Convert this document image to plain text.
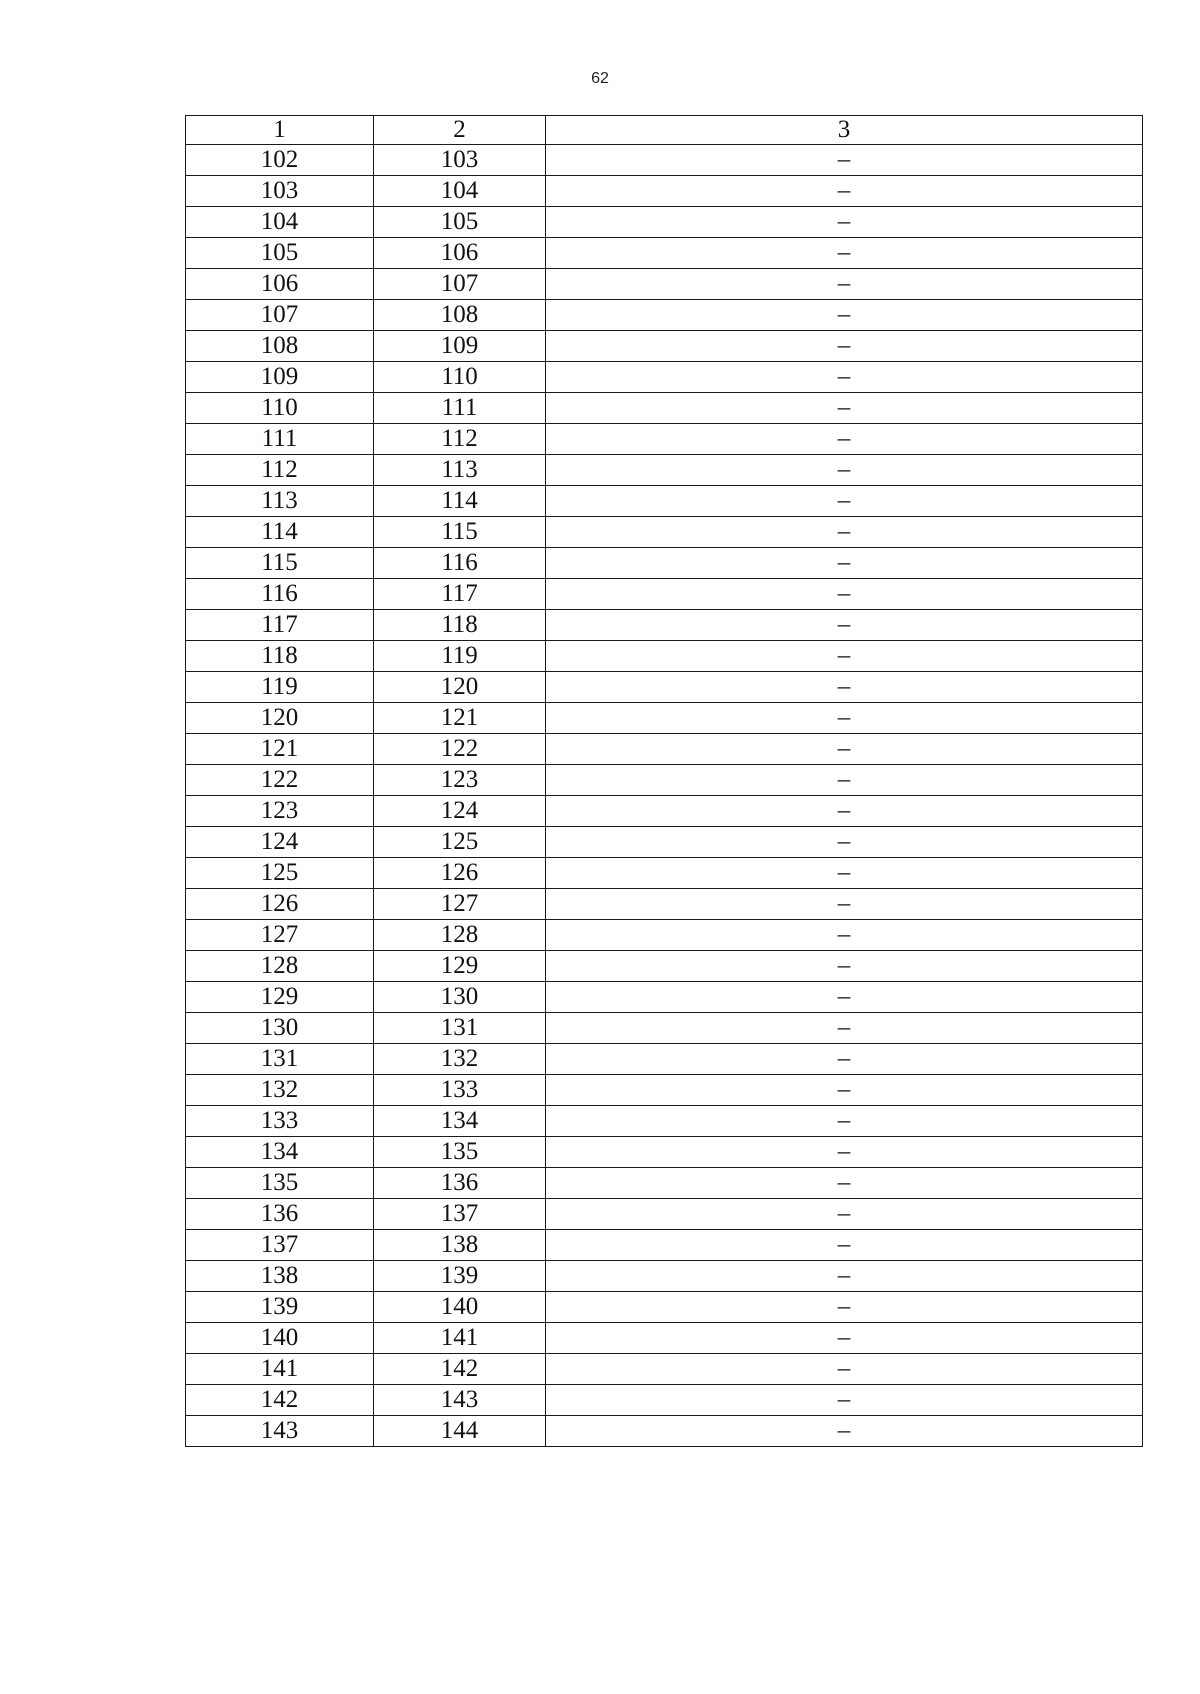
62
1	2	3
102	103	–
103	104	–
104	105	–
105	106	–
106	107	–
107	108	–
108	109	–
109	110	–
110	111	–
111	112	–
112	113	–
113	114	–
114	115	–
115	116	–
116	117	–
117	118	–
118	119	–
119	120	–
120	121	–
121	122	–
122	123	–
123	124	–
124	125	–
125	126	–
126	127	–
127	128	–
128	129	–
129	130	–
130	131	–
131	132	–
132	133	–
133	134	–
134	135	–
135	136	–
136	137	–
137	138	–
138	139	–
139	140	–
140	141	–
141	142	–
142	143	–
143	144	–
